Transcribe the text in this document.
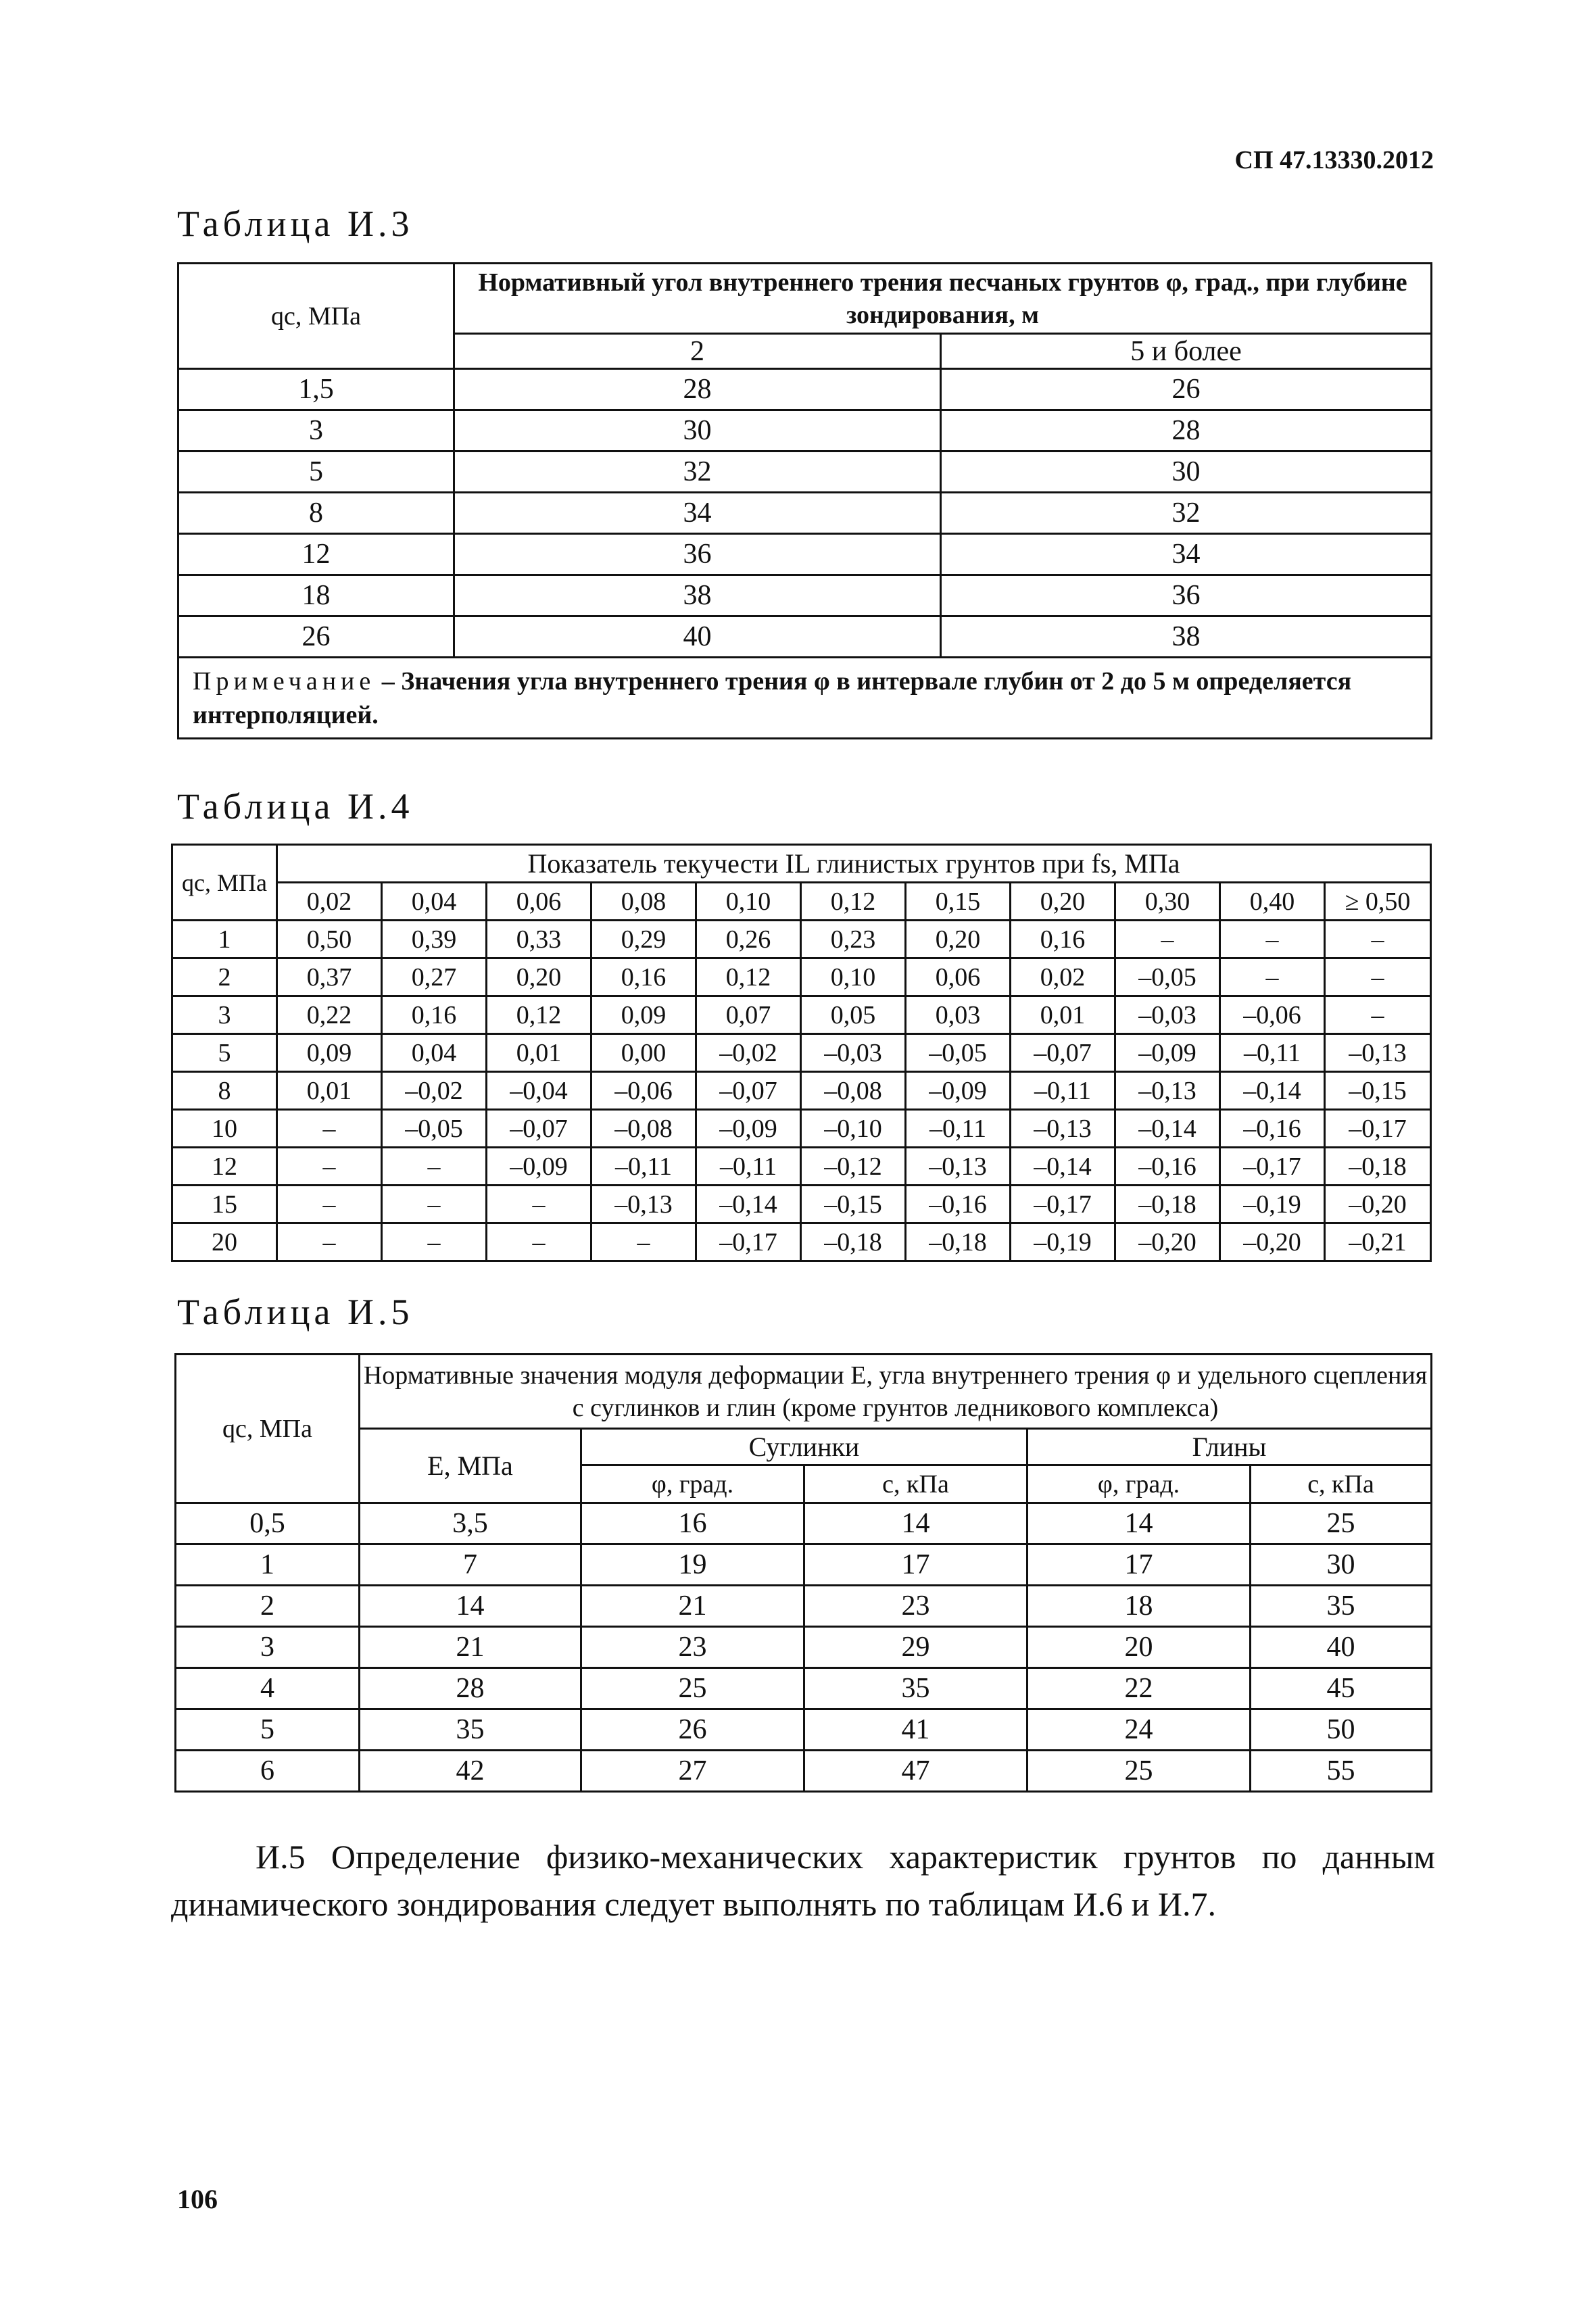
СП 47.13330.2012
Таблица И.3
qc, МПа	Нормативный угол внутреннего трения песчаных грунтов φ, град., при глубине зондирования, м	
	2	5 и более
1,5	28	26
3	30	28
5	32	30
8	34	32
12	36	34
18	38	36
26	40	38
Примечание – Значения угла внутреннего трения φ в интервале глубин от 2 до 5 м определяется интерполяцией.		
Таблица И.4
qc, МПа	Показатель текучести IL глинистых грунтов при fs, МПа										
	0,02	0,04	0,06	0,08	0,10	0,12	0,15	0,20	0,30	0,40	≥ 0,50
1	0,50	0,39	0,33	0,29	0,26	0,23	0,20	0,16	–	–	–
2	0,37	0,27	0,20	0,16	0,12	0,10	0,06	0,02	–0,05	–	–
3	0,22	0,16	0,12	0,09	0,07	0,05	0,03	0,01	–0,03	–0,06	–
5	0,09	0,04	0,01	0,00	–0,02	–0,03	–0,05	–0,07	–0,09	–0,11	–0,13
8	0,01	–0,02	–0,04	–0,06	–0,07	–0,08	–0,09	–0,11	–0,13	–0,14	–0,15
10	–	–0,05	–0,07	–0,08	–0,09	–0,10	–0,11	–0,13	–0,14	–0,16	–0,17
12	–	–	–0,09	–0,11	–0,11	–0,12	–0,13	–0,14	–0,16	–0,17	–0,18
15	–	–	–	–0,13	–0,14	–0,15	–0,16	–0,17	–0,18	–0,19	–0,20
20	–	–	–	–	–0,17	–0,18	–0,18	–0,19	–0,20	–0,20	–0,21
Таблица И.5
qc, МПа	Нормативные значения модуля деформации E, угла внутреннего трения φ и удельного сцепления c суглинков и глин (кроме грунтов ледникового комплекса)				
	E, МПа	Суглинки		Глины	
		φ, град.	c, кПа	φ, град.	c, кПа
0,5	3,5	16	14	14	25
1	7	19	17	17	30
2	14	21	23	18	35
3	21	23	29	20	40
4	28	25	35	22	45
5	35	26	41	24	50
6	42	27	47	25	55
И.5 Определение физико-механических характеристик грунтов по данным динамического зондирования следует выполнять по таблицам И.6 и И.7.
106
